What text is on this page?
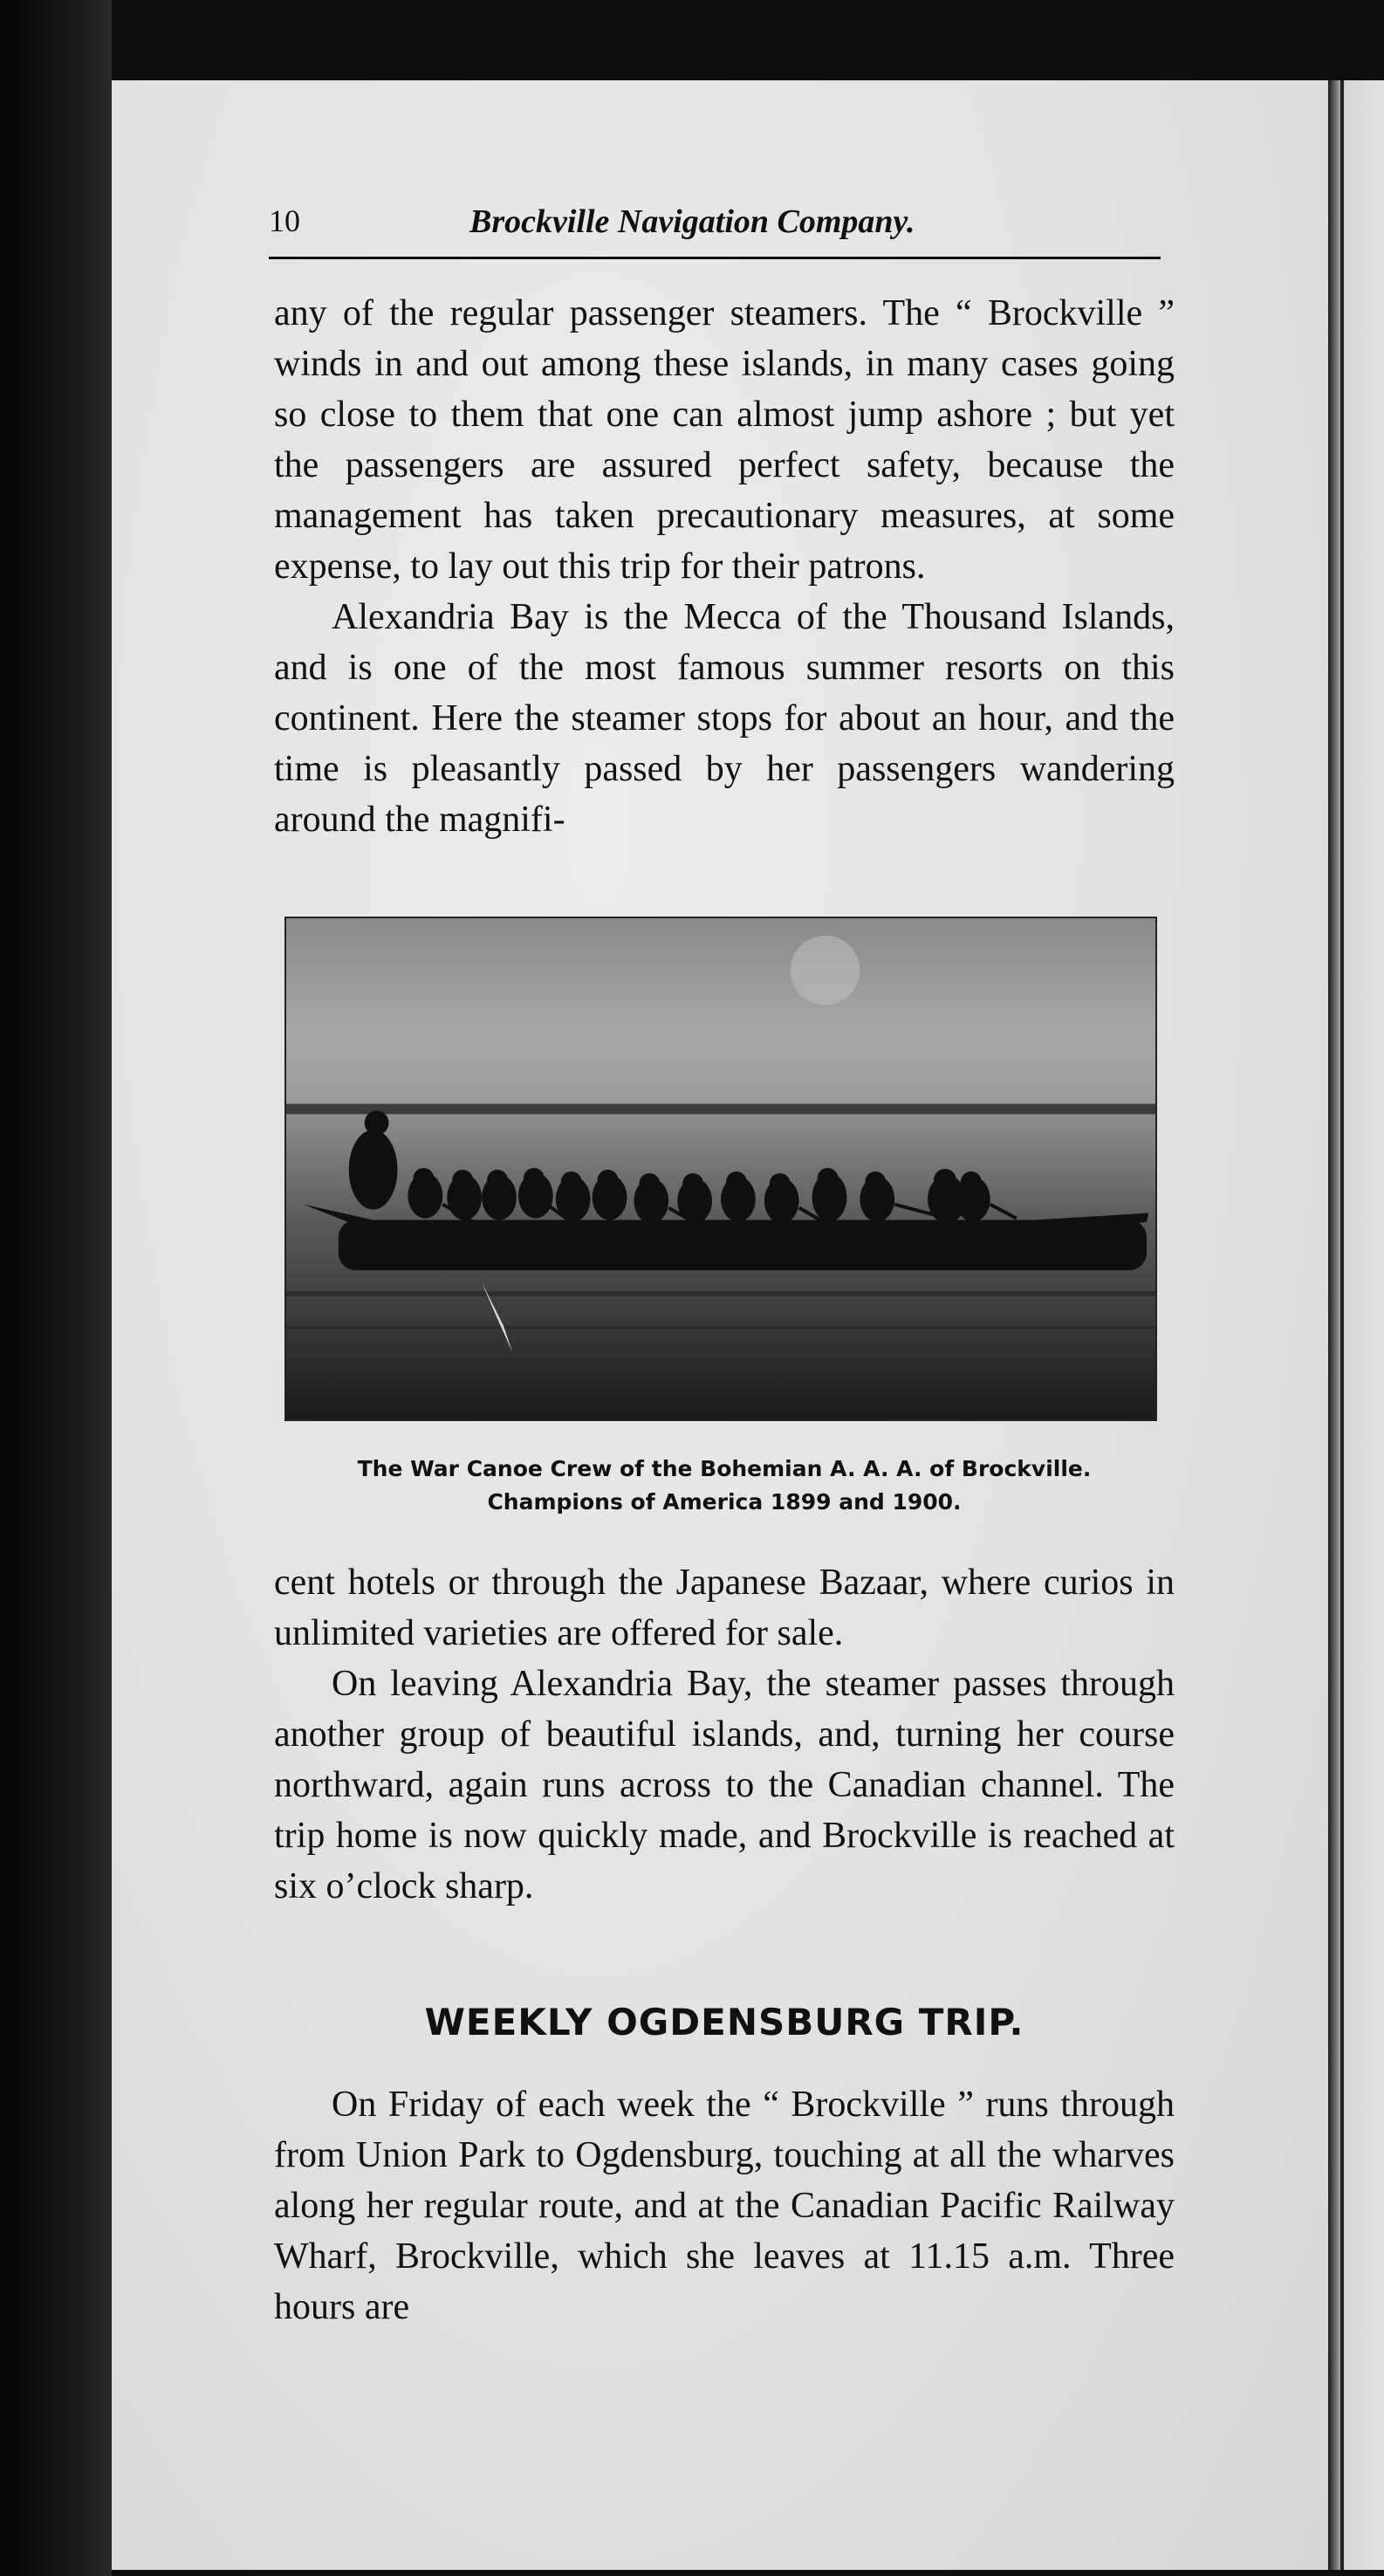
10	Brockville Navigation Company.

any of the regular passenger steamers. The “ Brockville ” winds in and out among these islands, in many cases going so close to them that one can almost jump ashore ; but yet the passengers are assured perfect safety, because the management has taken precautionary measures, at some expense, to lay out this trip for their patrons.

Alexandria Bay is the Mecca of the Thousand Islands, and is one of the most famous summer resorts on this continent. Here the steamer stops for about an hour, and the time is pleasantly passed by her passengers wandering around the magnifi-

The War Canoe Crew of the Bohemian A. A. A. of Brockville.
Champions of America 1899 and 1900.

cent hotels or through the Japanese Bazaar, where curios in unlimited varieties are offered for sale.

On leaving Alexandria Bay, the steamer passes through another group of beautiful islands, and, turning her course northward, again runs across to the Canadian channel. The trip home is now quickly made, and Brockville is reached at six o’clock sharp.

WEEKLY OGDENSBURG TRIP.

On Friday of each week the “ Brockville ” runs through from Union Park to Ogdensburg, touching at all the wharves along her regular route, and at the Canadian Pacific Railway Wharf, Brockville, which she leaves at 11.15 a.m. Three hours are
